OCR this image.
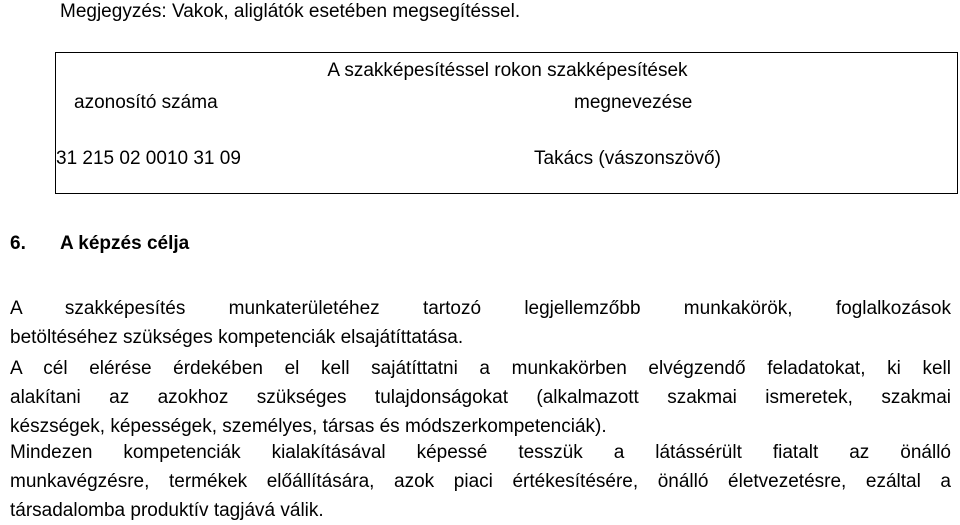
Megjegyzés: Vakok, aliglátók esetében megsegítéssel.
A szakképesítéssel rokon szakképesítések
azonosító száma	megnevezése
31 215 02 0010 31 09	Takács (vászonszövő)
6. A képzés célja
A szakképesítés munkaterületéhez tartozó legjellemzőbb munkakörök, foglalkozások
betöltéséhez szükséges kompetenciák elsajátíttatása.
A cél elérése érdekében el kell sajátíttatni a munkakörben elvégzendő feladatokat, ki kell
alakítani az azokhoz szükséges tulajdonságokat (alkalmazott szakmai ismeretek, szakmai
készségek, képességek, személyes, társas és módszerkompetenciák).
Mindezen kompetenciák kialakításával képessé tesszük a látássérült fiatalt az önálló
munkavégzésre, termékek előállítására, azok piaci értékesítésére, önálló életvezetésre, ezáltal a
társadalomba produktív tagjává válik.
